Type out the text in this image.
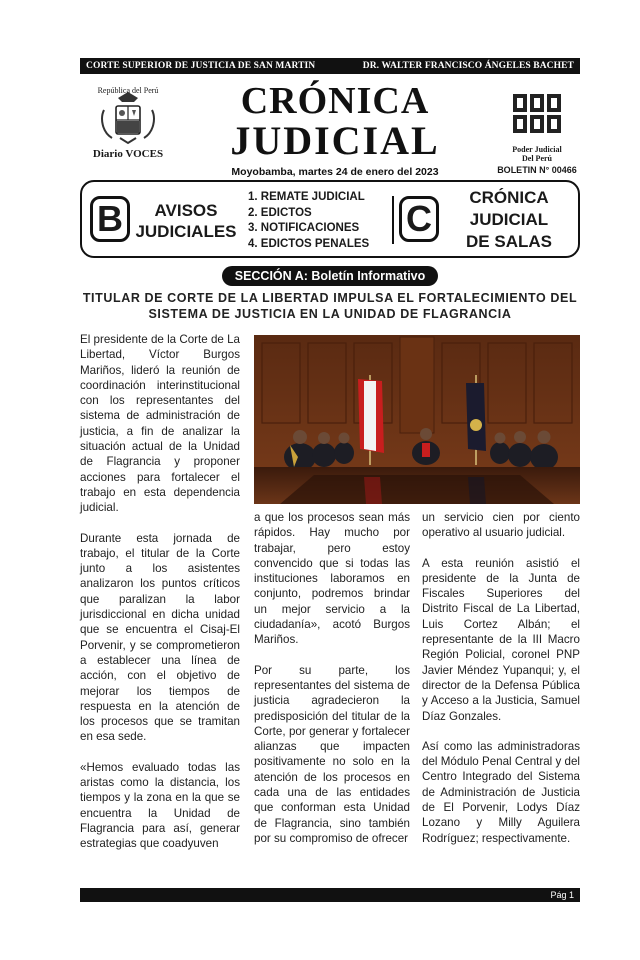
CORTE SUPERIOR DE JUSTICIA DE SAN MARTIN	DR. WALTER FRANCISCO ÁNGELES BACHET
Diario VOCES
República del Perú	CRÓNICA
JUDICIAL
Moyobamba, martes 24 de enero del 2023
Poder Judicial
Del Perú
BOLETIN N° 00466
B	AVISOS
JUDICIALES
1. REMATE JUDICIAL
2. EDICTOS
3. NOTIFICACIONES
4. EDICTOS PENALES
C
CRÓNICA
JUDICIAL
DE SALAS
SECCIÓN A: Boletín Informativo
TITULAR DE CORTE DE LA LIBERTAD IMPULSA EL FORTALECIMIENTO DEL SISTEMA DE JUSTICIA EN LA UNIDAD DE FLAGRANCIA

El presidente de la Corte de La Libertad, Víctor Burgos Mariños, lideró la reunión de coordinación interinstitucional con los representantes del sistema de administración de justicia, a fin de analizar la situación actual de la Unidad de Flagrancia y proponer acciones para fortalecer el trabajo en esta dependencia judicial.

Durante esta jornada de trabajo, el titular de la Corte junto a los asistentes analizaron los puntos críticos que paralizan la labor jurisdiccional en dicha unidad que se encuentra el Cisaj-El Porvenir, y se comprometieron a establecer una línea de acción, con el objetivo de mejorar los tiempos de respuesta en la atención de los procesos que se tramitan en esa sede.

«Hemos evaluado todas las aristas como la distancia, los tiempos y la zona en la que se encuentra la Unidad de Flagrancia para así, generar estrategias que coadyuven

a que los procesos sean más rápidos. Hay mucho por trabajar, pero estoy convencido que si todas las instituciones laboramos en conjunto, podremos brindar un mejor servicio a la ciudadanía», acotó Burgos Mariños.

Por su parte, los representantes del sistema de justicia agradecieron la predisposición del titular de la Corte, por generar y fortalecer alianzas que impacten positivamente no solo en la atención de los procesos en cada una de las entidades que conforman esta Unidad de Flagrancia, sino también por su compromiso de ofrecer

un servicio cien por ciento operativo al usuario judicial.

A esta reunión asistió el presidente de la Junta de Fiscales Superiores del Distrito Fiscal de La Libertad, Luis Cortez Albán; el representante de la III Macro Región Policial, coronel PNP Javier Méndez Yupanqui; y, el director de la Defensa Pública y Acceso a la Justicia, Samuel Díaz Gonzales.

Así como las administradoras del Módulo Penal Central y del Centro Integrado del Sistema de Administración de Justicia de El Porvenir, Lodys Díaz Lozano y Milly Aguilera Rodríguez; respectivamente.

Pág 1
